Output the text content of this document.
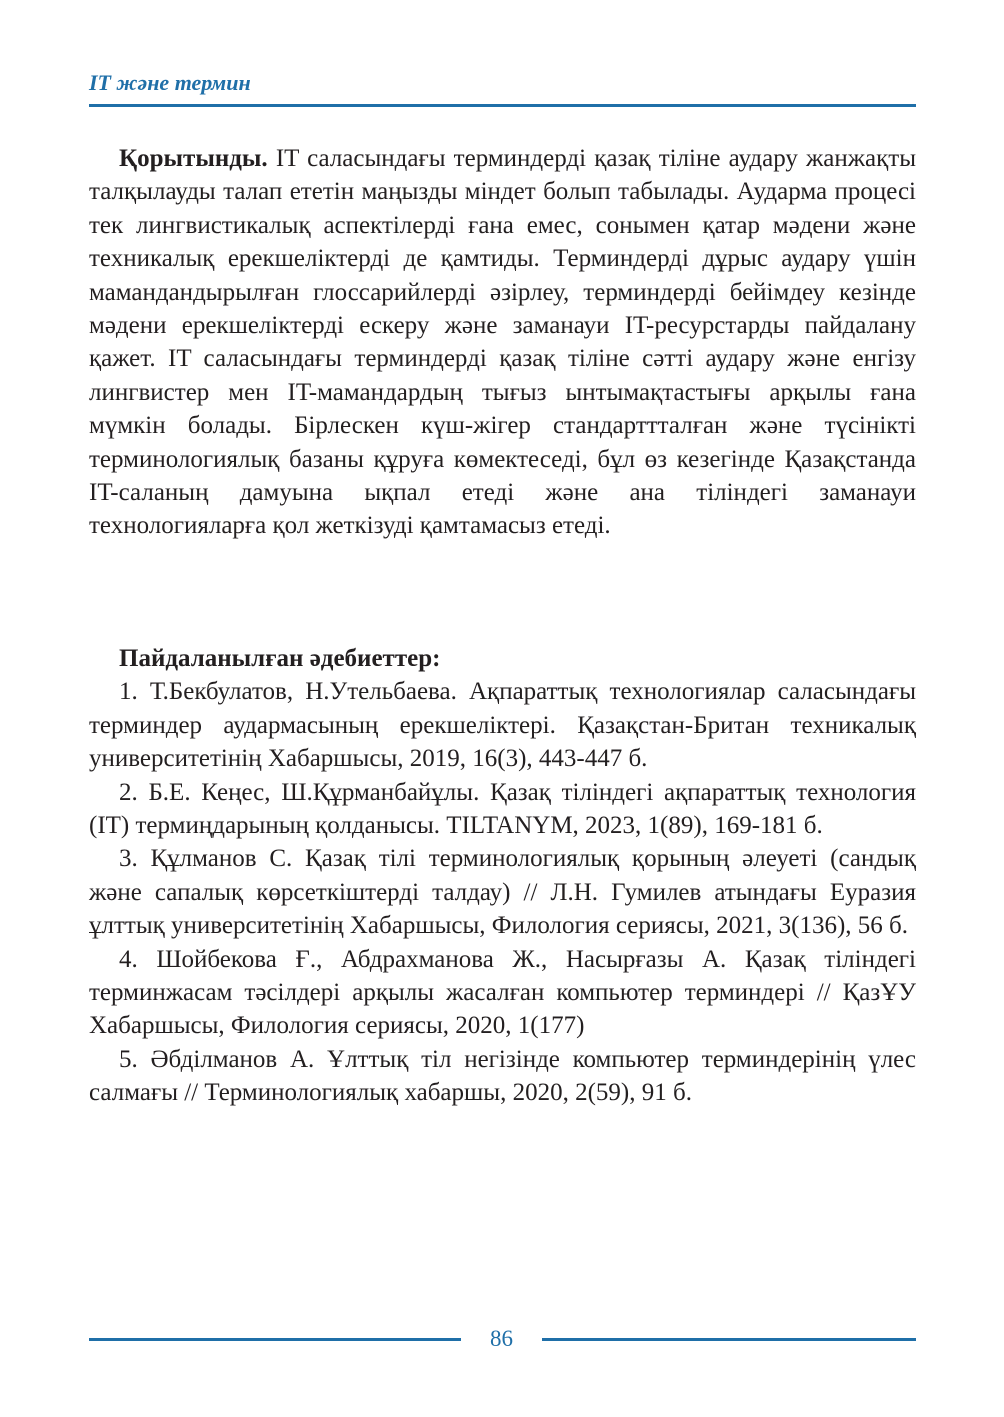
IT және термин

Қорытынды. IT саласындағы терминдерді қазақ тіліне аудару жанжақты талқылауды талап ететін маңызды міндет болып табылады. Аударма процесі тек лингвистикалық аспектілерді ғана емес, сонымен қатар мәдени және техникалық ерекшеліктерді де қамтиды. Терминдерді дұрыс аудару үшін мамандандырылған глоссарийлерді әзірлеу, терминдерді бейімдеу кезінде мәдени ерекшеліктерді ескеру және заманауи IT-ресурстарды пайдалану қажет. IT саласындағы терминдерді қазақ тіліне сәтті аудару және енгізу лингвистер мен IT-мамандардың тығыз ынтымақтастығы арқылы ғана мүмкін болады. Бірлескен күш-жігер стандарттталған және түсінікті терминологиялық базаны құруға көмектеседі, бұл өз кезегінде Қазақстанда IT-саланың дамуына ықпал етеді және ана тіліндегі заманауи технологияларға қол жеткізуді қамтамасыз етеді.

Пайдаланылған әдебиеттер:

1. Т.Бекбулатов, Н.Утельбаева. Ақпараттық технологиялар саласындағы терминдер аудармасының ерекшеліктері. Қазақстан-Британ техникалық университетінің Хабаршысы, 2019, 16(3), 443-447 б.

2. Б.Е. Кеңес, Ш.Құрманбайұлы. Қазақ тіліндегі ақпараттық технология (IT) термиңдарының қолданысы. TILTANYM, 2023, 1(89), 169-181 б.

3. Құлманов С. Қазақ тілі терминологиялық қорының әлеуеті (сандық және сапалық көрсеткіштерді талдау) // Л.Н. Гумилев атындағы Еуразия ұлттық университетінің Хабаршысы, Филология сериясы, 2021, 3(136), 56 б.

4. Шойбекова Ғ., Абдрахманова Ж., Насырғазы А. Қазақ тіліндегі терминжасам тәсілдері арқылы жасалған компьютер терминдері // ҚазҰУ Хабаршысы, Филология сериясы, 2020, 1(177)

5. Әбділманов А. Ұлттық тіл негізінде компьютер терминдерінің үлес салмағы // Терминологиялық хабаршы, 2020, 2(59), 91 б.

86
